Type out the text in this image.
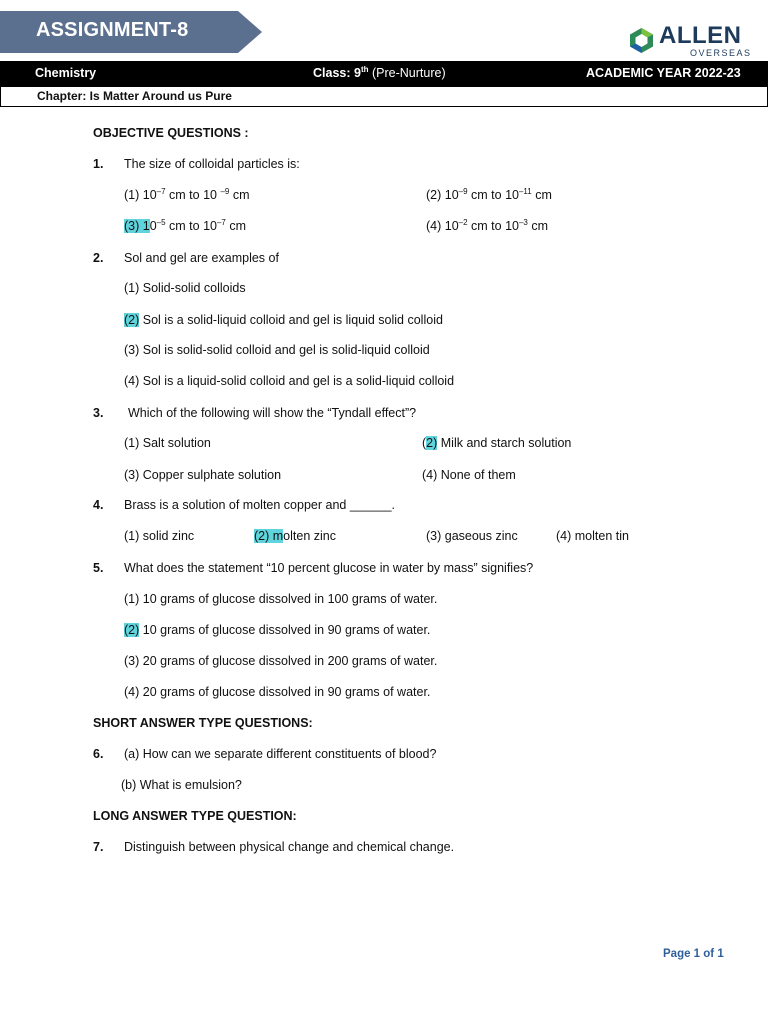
ASSIGNMENT-8	ALLEN
OVERSEAS
Chemistry	Class: 9th (Pre-Nurture)	ACADEMIC YEAR 2022-23
Chapter: Is Matter Around us Pure
OBJECTIVE QUESTIONS :
1. The size of colloidal particles is:
(1) $10^{-7}$ cm to 10 $^{-9}$ cm	(2) $10^{-9}$ cm to $10^{-11}$ cm
(3) $10^{-5}$ cm to $10^{-7}$ cm	(4) $10^{-2}$ cm to $10^{-3}$ cm
2. Sol and gel are examples of
(1) Solid-solid colloids
(2) Sol is a solid-liquid colloid and gel is liquid solid colloid
(3) Sol is solid-solid colloid and gel is solid-liquid colloid
(4) Sol is a liquid-solid colloid and gel is a solid-liquid colloid
3. Which of the following will show the “Tyndall effect”?
(1) Salt solution	(2) Milk and starch solution
(3) Copper sulphate solution	(4) None of them
4. Brass is a solution of molten copper and ______.
(1) solid zinc	(2) molten zinc	(3) gaseous zinc	(4) molten tin
5. What does the statement “10 percent glucose in water by mass” signifies?
(1) 10 grams of glucose dissolved in 100 grams of water.
(2) 10 grams of glucose dissolved in 90 grams of water.
(3) 20 grams of glucose dissolved in 200 grams of water.
(4) 20 grams of glucose dissolved in 90 grams of water.
SHORT ANSWER TYPE QUESTIONS:
6. (a) How can we separate different constituents of blood?
(b) What is emulsion?
LONG ANSWER TYPE QUESTION:
7. Distinguish between physical change and chemical change.
Page 1 of 1
